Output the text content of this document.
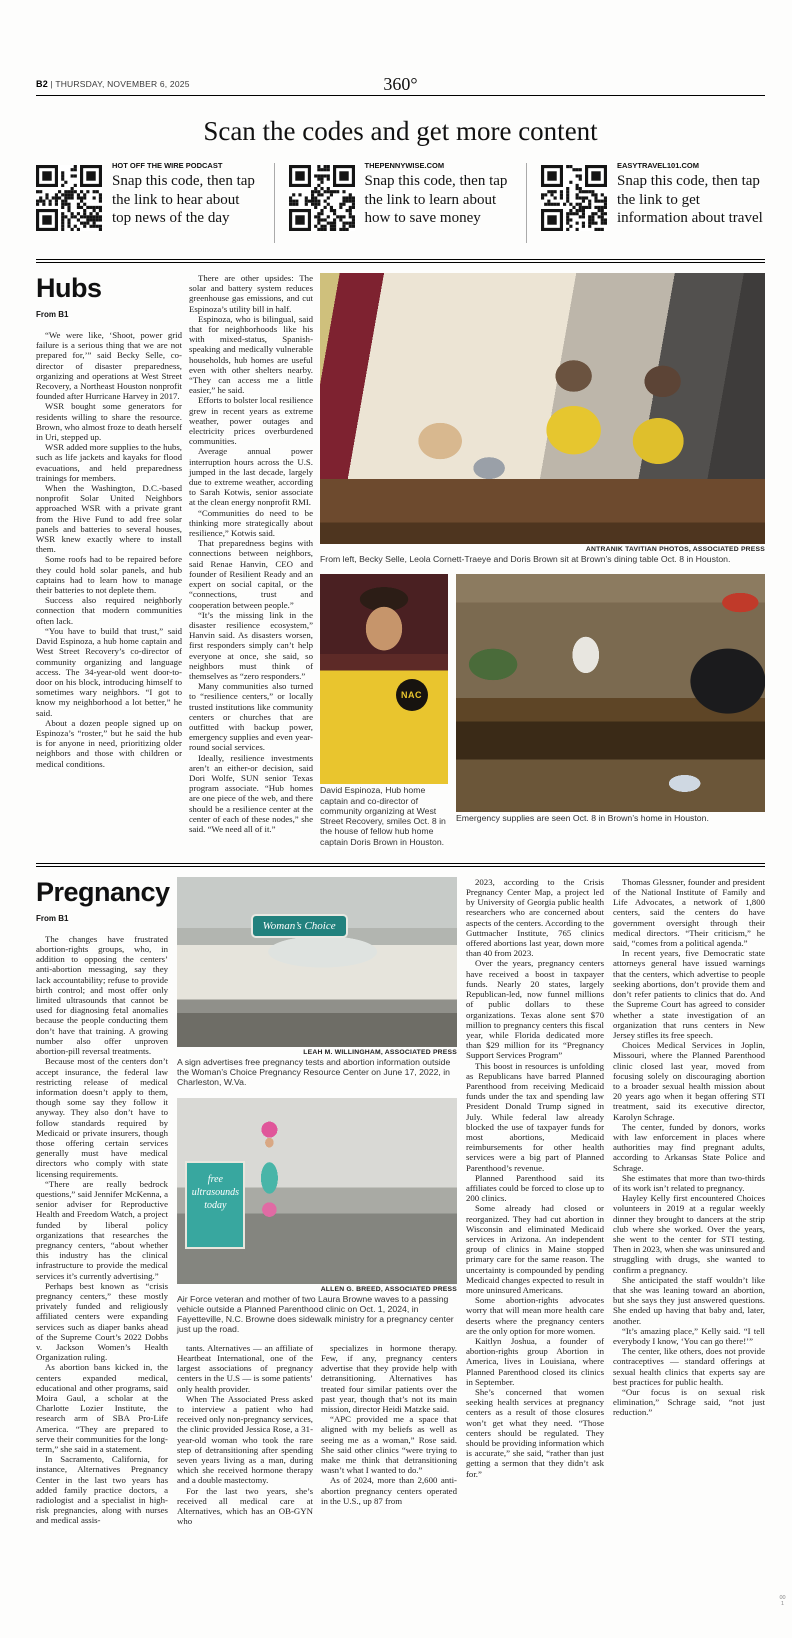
B2 | THURSDAY, NOVEMBER 6, 2025	360°
Scan the codes and get more content
HOT OFF THE WIRE PODCAST
Snap this code, then tap the link to hear about top news of the day
THEPENNYWISE.COM
Snap this code, then tap the link to learn about how to save money
EASYTRAVEL101.COM
Snap this code, then tap the link to get information about travel
Hubs
From B1

“We were like, ‘Shoot, power grid failure is a serious thing that we are not prepared for,’” said Becky Selle, co-director of disaster preparedness, organizing and operations at West Street Recovery, a Northeast Houston nonprofit founded after Hurricane Harvey in 2017.

WSR bought some generators for residents willing to share the resource. Brown, who almost froze to death herself in Uri, stepped up.

WSR added more supplies to the hubs, such as life jackets and kayaks for flood evacuations, and held preparedness trainings for members.

When the Washington, D.C.-based nonprofit Solar United Neighbors approached WSR with a private grant from the Hive Fund to add free solar panels and batteries to several houses, WSR knew exactly where to install them.

Some roofs had to be repaired before they could hold solar panels, and hub captains had to learn how to manage their batteries to not deplete them.

Success also required neighborly connection that modern communities often lack.

“You have to build that trust,” said David Espinoza, a hub home captain and West Street Recovery’s co-director of community organizing and language access. The 34-year-old went door-to-door on his block, introducing himself to sometimes wary neighbors. “I got to know my neighborhood a lot better,” he said.

About a dozen people signed up on Espinoza’s “roster,” but he said the hub is for anyone in need, prioritizing older neighbors and those with children or medical conditions.

There are other upsides: The solar and battery system reduces greenhouse gas emissions, and cut Espinoza’s utility bill in half.

Espinoza, who is bilingual, said that for neighborhoods like his with mixed-status, Spanish-speaking and medically vulnerable households, hub homes are useful even with other shelters nearby. “They can access me a little easier,” he said.

Efforts to bolster local resilience grew in recent years as extreme weather, power outages and electricity prices overburdened communities.

Average annual power interruption hours across the U.S. jumped in the last decade, largely due to extreme weather, according to Sarah Kotwis, senior associate at the clean energy nonprofit RMI.

“Communities do need to be thinking more strategically about resilience,” Kotwis said.

That preparedness begins with connections between neighbors, said Renae Hanvin, CEO and founder of Resilient Ready and an expert on social capital, or the “connections, trust and cooperation between people.”

“It’s the missing link in the disaster resilience ecosystem,” Hanvin said. As disasters worsen, first responders simply can’t help everyone at once, she said, so neighbors must think of themselves as “zero responders.”

Many communities also turned to “resilience centers,” or locally trusted institutions like community centers or churches that are outfitted with backup power, emergency supplies and even year-round social services.

Ideally, resilience investments aren’t an either-or decision, said Dori Wolfe, SUN senior Texas program associate. “Hub homes are one piece of the web, and there should be a resilience center at the center of each of these nodes,” she said. “We need all of it.”

ANTRANIK TAVITIAN PHOTOS, ASSOCIATED PRESS
From left, Becky Selle, Leola Cornett-Traeye and Doris Brown sit at Brown’s dining table Oct. 8 in Houston.
NAC
David Espinoza, Hub home captain and co-director of community organizing at West Street Recovery, smiles Oct. 8 in the house of fellow hub home captain Doris Brown in Houston.
Emergency supplies are seen Oct. 8 in Brown’s home in Houston.
Pregnancy
From B1

The changes have frustrated abortion-rights groups, who, in addition to opposing the centers’ anti-abortion messaging, say they lack accountability; refuse to provide birth control; and most offer only limited ultrasounds that cannot be used for diagnosing fetal anomalies because the people conducting them don’t have that training. A growing number also offer unproven abortion-pill reversal treatments.

Because most of the centers don’t accept insurance, the federal law restricting release of medical information doesn’t apply to them, though some say they follow it anyway. They also don’t have to follow standards required by Medicaid or private insurers, though those offering certain services generally must have medical directors who comply with state licensing requirements.

“There are really bedrock questions,” said Jennifer McKenna, a senior adviser for Reproductive Health and Freedom Watch, a project funded by liberal policy organizations that researches the pregnancy centers, “about whether this industry has the clinical infrastructure to provide the medical services it’s currently advertising.”

Perhaps best known as “crisis pregnancy centers,” these mostly privately funded and religiously affiliated centers were expanding services such as diaper banks ahead of the Supreme Court’s 2022 Dobbs v. Jackson Women’s Health Organization ruling.

As abortion bans kicked in, the centers expanded medical, educational and other programs, said Moira Gaul, a scholar at the Charlotte Lozier Institute, the research arm of SBA Pro-Life America. “They are prepared to serve their communities for the long-term,” she said in a statement.

In Sacramento, California, for instance, Alternatives Pregnancy Center in the last two years has added family practice doctors, a radiologist and a specialist in high-risk pregnancies, along with nurses and medical assis-

Woman’s Choice
LEAH M. WILLINGHAM, ASSOCIATED PRESS
A sign advertises free pregnancy tests and abortion information outside the Woman’s Choice Pregnancy Resource Center on June 17, 2022, in Charleston, W.Va.
free ultrasounds today
ALLEN G. BREED, ASSOCIATED PRESS
Air Force veteran and mother of two Laura Browne waves to a passing vehicle outside a Planned Parenthood clinic on Oct. 1, 2024, in Fayetteville, N.C. Browne does sidewalk ministry for a pregnancy center just up the road.

tants. Alternatives — an affiliate of Heartbeat International, one of the largest associations of pregnancy centers in the U.S — is some patients’ only health provider.

When The Associated Press asked to interview a patient who had received only non-pregnancy services, the clinic provided Jessica Rose, a 31-year-old woman who took the rare step of detransitioning after spending seven years living as a man, during which she received hormone therapy and a double mastectomy.

For the last two years, she’s received all medical care at Alternatives, which has an OB-GYN who

specializes in hormone therapy. Few, if any, pregnancy centers advertise that they provide help with detransitioning. Alternatives has treated four similar patients over the past year, though that’s not its main mission, director Heidi Matzke said.

“APC provided me a space that aligned with my beliefs as well as seeing me as a woman,” Rose said. She said other clinics “were trying to make me think that detransitioning wasn’t what I wanted to do.”

As of 2024, more than 2,600 anti-abortion pregnancy centers operated in the U.S., up 87 from

2023, according to the Crisis Pregnancy Center Map, a project led by University of Georgia public health researchers who are concerned about aspects of the centers. According to the Guttmacher Institute, 765 clinics offered abortions last year, down more than 40 from 2023.

Over the years, pregnancy centers have received a boost in taxpayer funds. Nearly 20 states, largely Republican-led, now funnel millions of public dollars to these organizations. Texas alone sent $70 million to pregnancy centers this fiscal year, while Florida dedicated more than $29 million for its “Pregnancy Support Services Program”

This boost in resources is unfolding as Republicans have barred Planned Parenthood from receiving Medicaid funds under the tax and spending law President Donald Trump signed in July. While federal law already blocked the use of taxpayer funds for most abortions, Medicaid reimbursements for other health services were a big part of Planned Parenthood’s revenue.

Planned Parenthood said its affiliates could be forced to close up to 200 clinics.

Some already had closed or reorganized. They had cut abortion in Wisconsin and eliminated Medicaid services in Arizona. An independent group of clinics in Maine stopped primary care for the same reason. The uncertainty is compounded by pending Medicaid changes expected to result in more uninsured Americans.

Some abortion-rights advocates worry that will mean more health care deserts where the pregnancy centers are the only option for more women.

Kaitlyn Joshua, a founder of abortion-rights group Abortion in America, lives in Louisiana, where Planned Parenthood closed its clinics in September.

She’s concerned that women seeking health services at pregnancy centers as a result of those closures won’t get what they need. “Those centers should be regulated. They should be providing information which is accurate,” she said, “rather than just getting a sermon that they didn’t ask for.”

Thomas Glessner, founder and president of the National Institute of Family and Life Advocates, a network of 1,800 centers, said the centers do have government oversight through their medical directors. “Their criticism,” he said, “comes from a political agenda.”

In recent years, five Democratic state attorneys general have issued warnings that the centers, which advertise to people seeking abortions, don’t provide them and don’t refer patients to clinics that do. And the Supreme Court has agreed to consider whether a state investigation of an organization that runs centers in New Jersey stifles its free speech.

Choices Medical Services in Joplin, Missouri, where the Planned Parenthood clinic closed last year, moved from focusing solely on discouraging abortion to a broader sexual health mission about 20 years ago when it began offering STI treatment, said its executive director, Karolyn Schrage.

The center, funded by donors, works with law enforcement in places where authorities may find pregnant adults, according to Arkansas State Police and Schrage.

She estimates that more than two-thirds of its work isn’t related to pregnancy.

Hayley Kelly first encountered Choices volunteers in 2019 at a regular weekly dinner they brought to dancers at the strip club where she worked. Over the years, she went to the center for STI testing. Then in 2023, when she was uninsured and struggling with drugs, she wanted to confirm a pregnancy.

She anticipated the staff wouldn’t like that she was leaning toward an abortion, but she says they just answered questions. She ended up having that baby and, later, another.

“It’s amazing place,” Kelly said. “I tell everybody I know, ‘You can go there!’”

The center, like others, does not provide contraceptives — standard offerings at sexual health clinics that experts say are best practices for public health.

“Our focus is on sexual risk elimination,” Schrage said, “not just reduction.”

00 1
